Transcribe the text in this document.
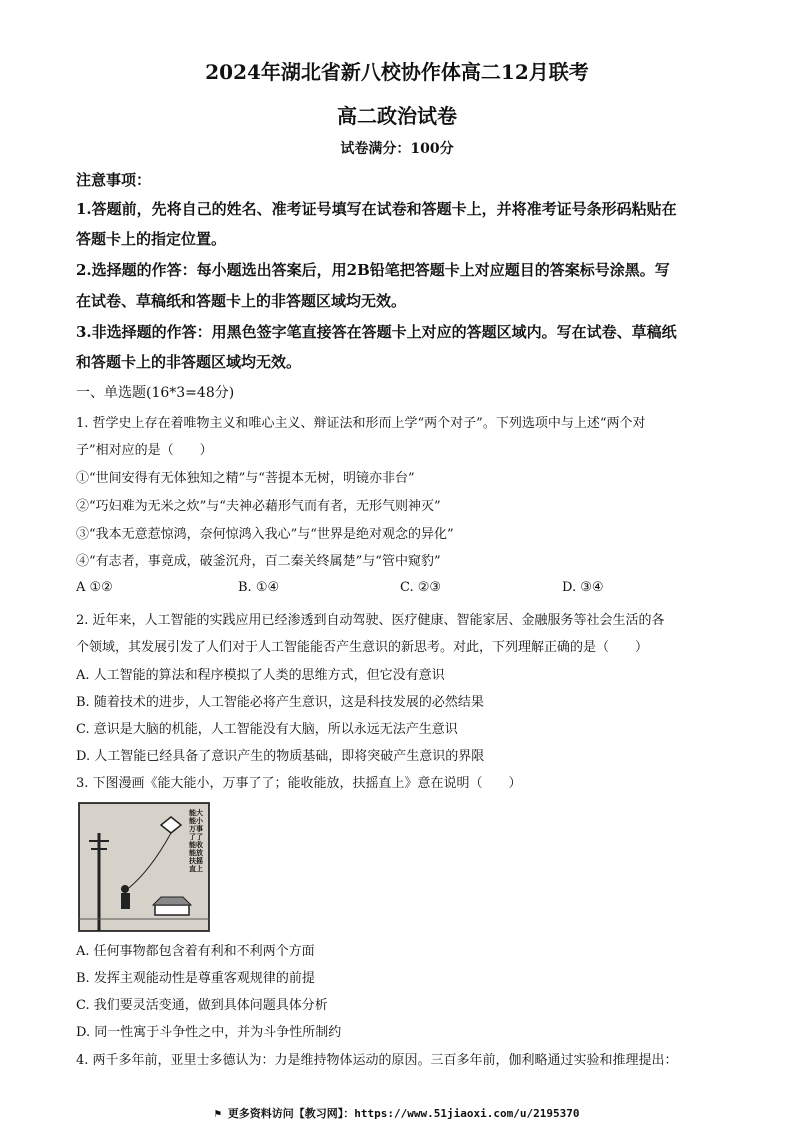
2024年湖北省新八校协作体高二12月联考
高二政治试卷
试卷满分：100分
注意事项：
1.答题前，先将自己的姓名、准考证号填写在试卷和答题卡上，并将准考证号条形码粘贴在
答题卡上的指定位置。
2.选择题的作答：每小题选出答案后，用2B铅笔把答题卡上对应题目的答案标号涂黑。写
在试卷、草稿纸和答题卡上的非答题区域均无效。
3.非选择题的作答：用黑色签字笔直接答在答题卡上对应的答题区域内。写在试卷、草稿纸
和答题卡上的非答题区域均无效。
一、单选题(16*3=48分)
1. 哲学史上存在着唯物主义和唯心主义、辩证法和形而上学“两个对子”。下列选项中与上述“两个对
子”相对应的是（　　）
①“世间安得有无体独知之精”与“菩提本无树，明镜亦非台”
②“巧妇难为无米之炊”与“夫神必藉形气而有者，无形气则神灭”
③“我本无意惹惊鸿，奈何惊鸿入我心”与“世界是绝对观念的异化”
④“有志者，事竟成，破釜沉舟，百二秦关终属楚”与“管中窥豹”
A ①②	B. ①④	C. ②③	D. ③④
2. 近年来，人工智能的实践应用已经渗透到自动驾驶、医疗健康、智能家居、金融服务等社会生活的各
个领域，其发展引发了人们对于人工智能能否产生意识的新思考。对此，下列理解正确的是（　　）
A. 人工智能的算法和程序模拟了人类的思维方式，但它没有意识
B. 随着技术的进步，人工智能必将产生意识，这是科技发展的必然结果
C. 意识是大脑的机能，人工智能没有大脑，所以永远无法产生意识
D. 人工智能已经具备了意识产生的物质基础，即将突破产生意识的界限
3. 下图漫画《能大能小，万事了了；能收能放，扶摇直上》意在说明（　　）
能大能小万事了了能收能放扶摇直上
A. 任何事物都包含着有利和不利两个方面
B. 发挥主观能动性是尊重客观规律的前提
C. 我们要灵活变通，做到具体问题具体分析
D. 同一性寓于斗争性之中，并为斗争性所制约
4. 两千多年前，亚里士多德认为：力是维持物体运动的原因。三百多年前，伽利略通过实验和推理提出：
⚑ 更多资料访问【教习网】：https://www.51jiaoxi.com/u/2195370
